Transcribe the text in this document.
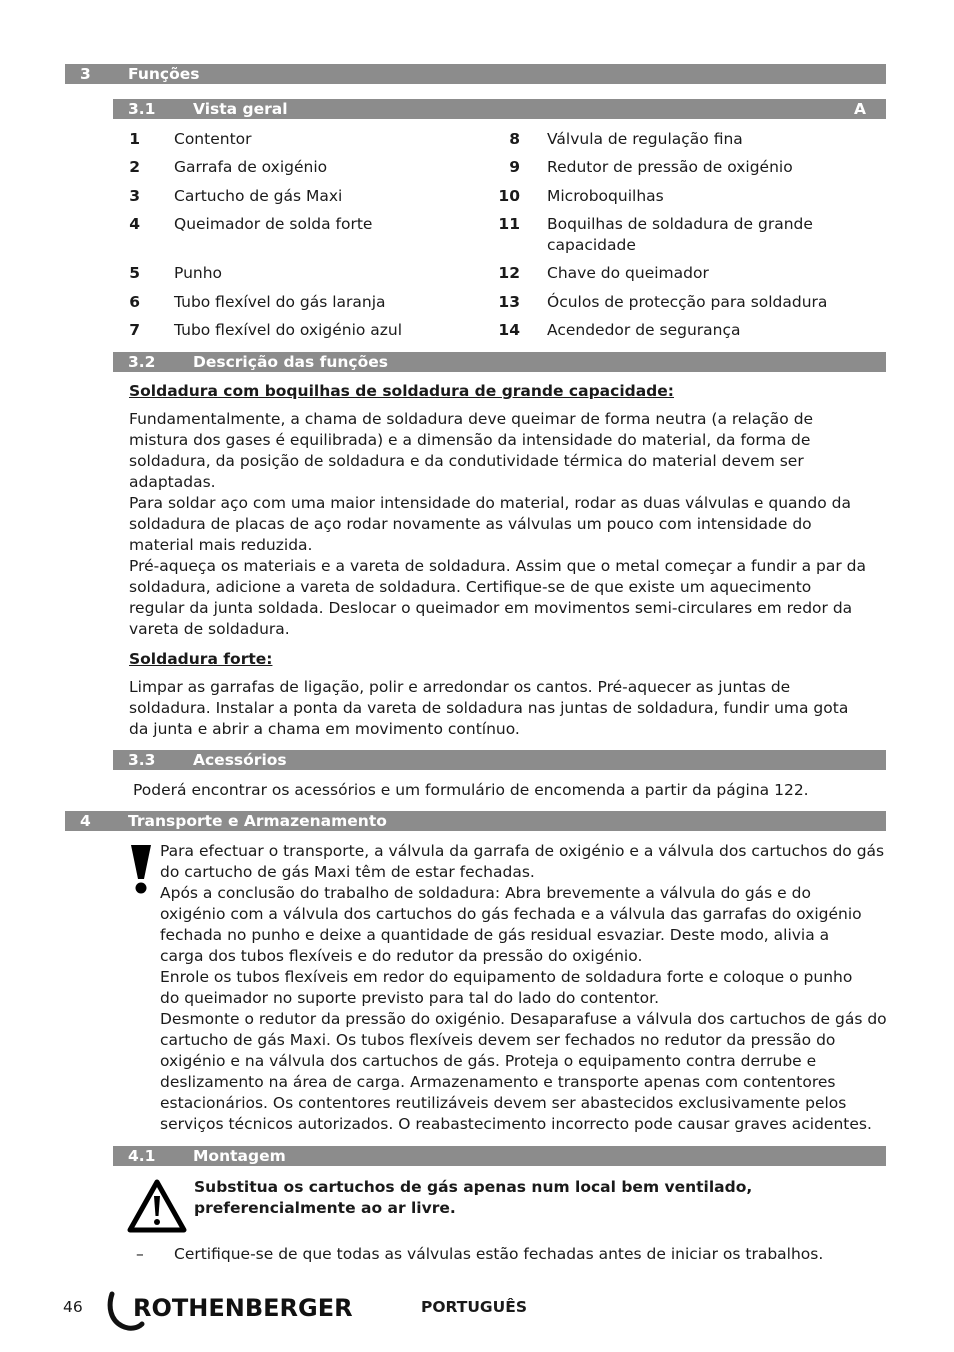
3 Funções
3.1 Vista geral	A
1 Contentor
2 Garrafa de oxigénio
3 Cartucho de gás Maxi
4 Queimador de solda forte
5 Punho
6 Tubo flexível do gás laranja
7 Tubo flexível do oxigénio azul
8 Válvula de regulação fina
9 Redutor de pressão de oxigénio
10 Microboquilhas
11 Boquilhas de soldadura de grande
capacidade
12 Chave do queimador
13 Óculos de protecção para soldadura
14 Acendedor de segurança
3.2 Descrição das funções
Soldadura com boquilhas de soldadura de grande capacidade:
Fundamentalmente, a chama de soldadura deve queimar de forma neutra (a relação de
mistura dos gases é equilibrada) e a dimensão da intensidade do material, da forma de
soldadura, da posição de soldadura e da condutividade térmica do material devem ser
adaptadas.
Para soldar aço com uma maior intensidade do material, rodar as duas válvulas e quando da
soldadura de placas de aço rodar novamente as válvulas um pouco com intensidade do
material mais reduzida.
Pré-aqueça os materiais e a vareta de soldadura. Assim que o metal começar a fundir a par da
soldadura, adicione a vareta de soldadura. Certifique-se de que existe um aquecimento
regular da junta soldada. Deslocar o queimador em movimentos semi-circulares em redor da
vareta de soldadura.
Soldadura forte:
Limpar as garrafas de ligação, polir e arredondar os cantos. Pré-aquecer as juntas de
soldadura. Instalar a ponta da vareta de soldadura nas juntas de soldadura, fundir uma gota
da junta e abrir a chama em movimento contínuo.
3.3 Acessórios
Poderá encontrar os acessórios e um formulário de encomenda a partir da página 122.
4 Transporte e Armazenamento
Para efectuar o transporte, a válvula da garrafa de oxigénio e a válvula dos cartuchos do gás
do cartucho de gás Maxi têm de estar fechadas.
Após a conclusão do trabalho de soldadura: Abra brevemente a válvula do gás e do
oxigénio com a válvula dos cartuchos do gás fechada e a válvula das garrafas do oxigénio
fechada no punho e deixe a quantidade de gás residual esvaziar. Deste modo, alivia a
carga dos tubos flexíveis e do redutor da pressão do oxigénio.
Enrole os tubos flexíveis em redor do equipamento de soldadura forte e coloque o punho
do queimador no suporte previsto para tal do lado do contentor.
Desmonte o redutor da pressão do oxigénio. Desaparafuse a válvula dos cartuchos de gás do
cartucho de gás Maxi. Os tubos flexíveis devem ser fechados no redutor da pressão do
oxigénio e na válvula dos cartuchos de gás. Proteja o equipamento contra derrube e
deslizamento na área de carga. Armazenamento e transporte apenas com contentores
estacionários. Os contentores reutilizáveis devem ser abastecidos exclusivamente pelos
serviços técnicos autorizados. O reabastecimento incorrecto pode causar graves acidentes.
4.1 Montagem
Substitua os cartuchos de gás apenas num local bem ventilado,
preferencialmente ao ar livre.
– Certifique-se de que todas as válvulas estão fechadas antes de iniciar os trabalhos.
46 ROTHENBERGER	PORTUGUÊS
